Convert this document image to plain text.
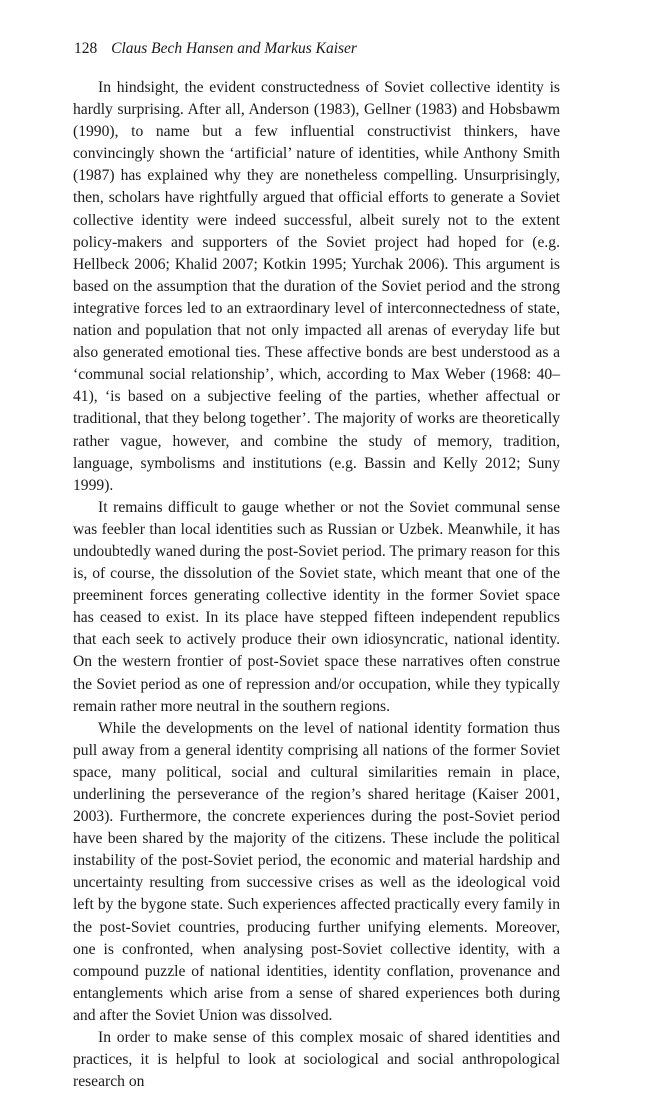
128 Claus Bech Hansen and Markus Kaiser

In hindsight, the evident constructedness of Soviet collective identity is hardly surprising. After all, Anderson (1983), Gellner (1983) and Hobsbawm (1990), to name but a few influential constructivist thinkers, have convincingly shown the ‘artificial’ nature of identities, while Anthony Smith (1987) has explained why they are nonetheless compelling. Unsurprisingly, then, scholars have rightfully argued that official efforts to generate a Soviet collective identity were indeed successful, albeit surely not to the extent policy-makers and supporters of the Soviet project had hoped for (e.g. Hellbeck 2006; Khalid 2007; Kotkin 1995; Yurchak 2006). This argument is based on the assumption that the duration of the Soviet period and the strong integrative forces led to an extraordinary level of interconnectedness of state, nation and population that not only impacted all arenas of everyday life but also generated emotional ties. These affective bonds are best understood as a ‘communal social relationship’, which, according to Max Weber (1968: 40–41), ‘is based on a subjective feeling of the parties, whether affectual or traditional, that they belong together’. The majority of works are theoretically rather vague, however, and combine the study of memory, tradition, language, symbolisms and institutions (e.g. Bassin and Kelly 2012; Suny 1999).

It remains difficult to gauge whether or not the Soviet communal sense was feebler than local identities such as Russian or Uzbek. Meanwhile, it has undoubtedly waned during the post-Soviet period. The primary reason for this is, of course, the dissolution of the Soviet state, which meant that one of the preeminent forces generating collective identity in the former Soviet space has ceased to exist. In its place have stepped fifteen independent republics that each seek to actively produce their own idiosyncratic, national identity. On the western frontier of post-Soviet space these narratives often construe the Soviet period as one of repression and/or occupation, while they typically remain rather more neutral in the southern regions.

While the developments on the level of national identity formation thus pull away from a general identity comprising all nations of the former Soviet space, many political, social and cultural similarities remain in place, underlining the perseverance of the region’s shared heritage (Kaiser 2001, 2003). Furthermore, the concrete experiences during the post-Soviet period have been shared by the majority of the citizens. These include the political instability of the post-Soviet period, the economic and material hardship and uncertainty resulting from successive crises as well as the ideological void left by the bygone state. Such experiences affected practically every family in the post-Soviet countries, producing further unifying elements. Moreover, one is confronted, when analysing post-Soviet collective identity, with a compound puzzle of national identities, identity conflation, provenance and entanglements which arise from a sense of shared experiences both during and after the Soviet Union was dissolved.

In order to make sense of this complex mosaic of shared identities and practices, it is helpful to look at sociological and social anthropological research on
